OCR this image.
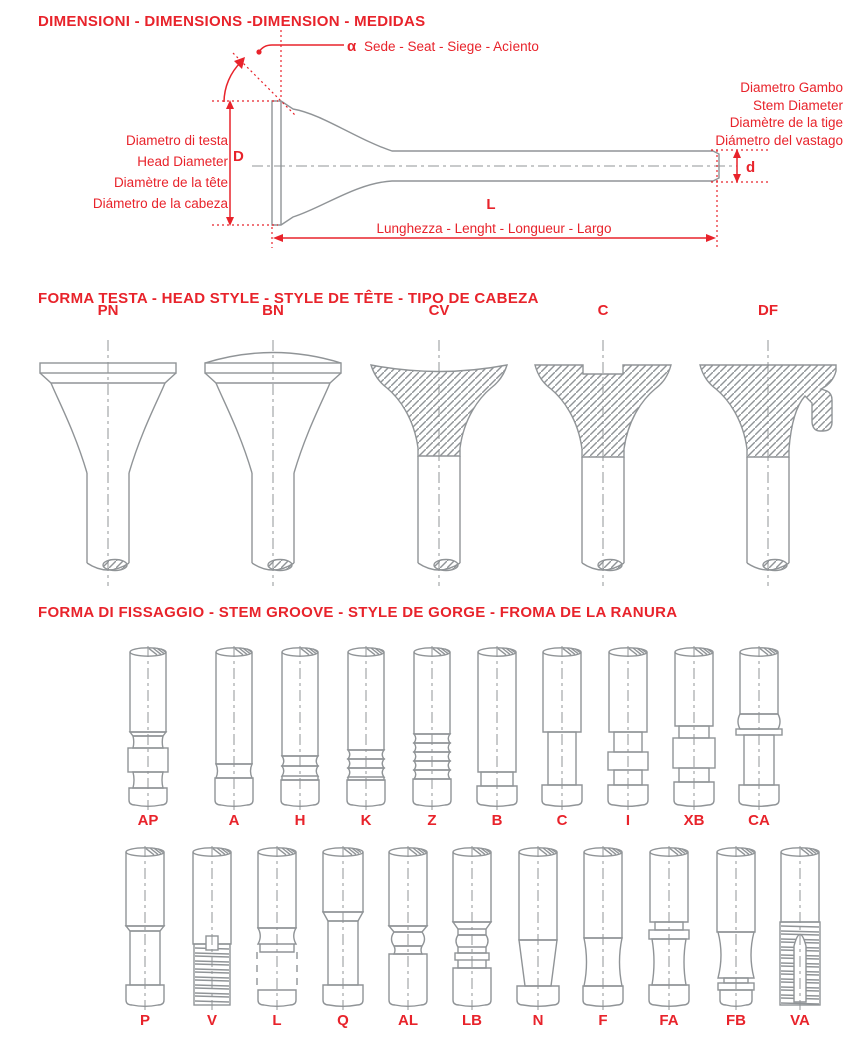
DIMENSIONI - DIMENSIONS -DIMENSION - MEDIDAS
α Sede - Seat - Siege - Acìento
D
Diametro di testa
Head Diameter
Diamètre de la tête
Diámetro de la cabeza
Diametro Gambo
Stem Diameter
Diamètre de la tige
Diámetro del vastago
d
L
Lunghezza - Lenght - Longueur - Largo
FORMA TESTA - HEAD STYLE - STYLE DE TÊTE - TIPO DE CABEZA
PN	BN	CV	C	DF
FORMA DI FISSAGGIO - STEM GROOVE - STYLE DE GORGE - FROMA DE LA RANURA
AP	A	H	K	Z	B	C	I	XB	CA
P	V	L	Q	AL	LB	N	F	FA	FB	VA
